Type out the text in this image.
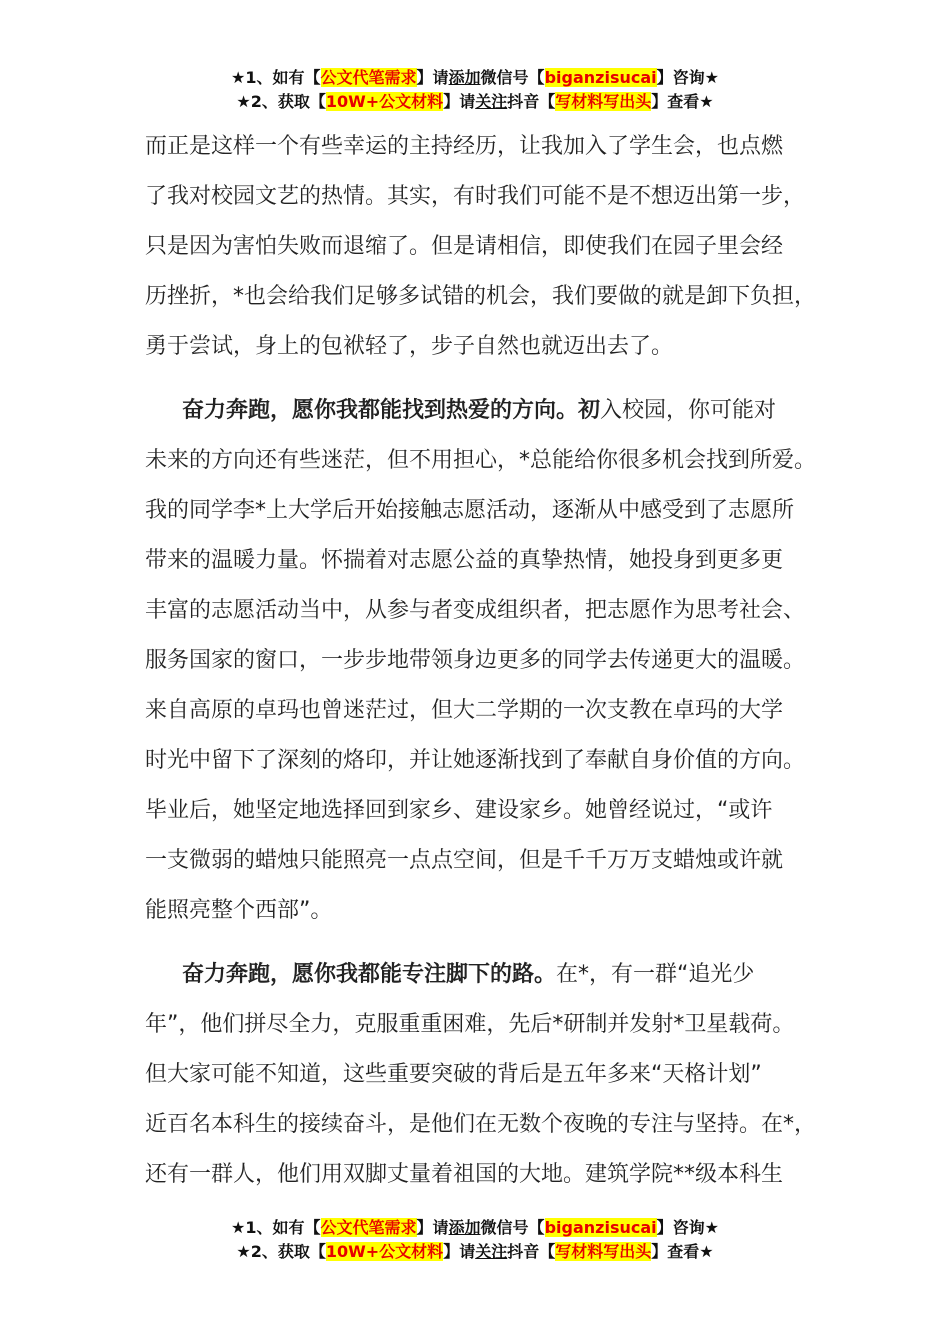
★1、如有【公文代笔需求】请添加微信号【biganzisucai】咨询★
★2、获取【10W+公文材料】请关注抖音【写材料写出头】查看★

而正是这样一个有些幸运的主持经历，让我加入了学生会，也点燃
了我对校园文艺的热情。其实，有时我们可能不是不想迈出第一步，
只是因为害怕失败而退缩了。但是请相信，即使我们在园子里会经
历挫折，*也会给我们足够多试错的机会，我们要做的就是卸下负担，
勇于尝试，身上的包袱轻了，步子自然也就迈出去了。

奋力奔跑，愿你我都能找到热爱的方向。初入校园，你可能对
未来的方向还有些迷茫，但不用担心，*总能给你很多机会找到所爱。
我的同学李*上大学后开始接触志愿活动，逐渐从中感受到了志愿所
带来的温暖力量。怀揣着对志愿公益的真挚热情，她投身到更多更
丰富的志愿活动当中，从参与者变成组织者，把志愿作为思考社会、
服务国家的窗口，一步步地带领身边更多的同学去传递更大的温暖。
来自高原的卓玛也曾迷茫过，但大二学期的一次支教在卓玛的大学
时光中留下了深刻的烙印，并让她逐渐找到了奉献自身价值的方向。
毕业后，她坚定地选择回到家乡、建设家乡。她曾经说过，“或许
一支微弱的蜡烛只能照亮一点点空间，但是千千万万支蜡烛或许就
能照亮整个西部”。

奋力奔跑，愿你我都能专注脚下的路。在*，有一群“追光少
年”，他们拼尽全力，克服重重困难，先后*研制并发射*卫星载荷。
但大家可能不知道，这些重要突破的背后是五年多来“天格计划”
近百名本科生的接续奋斗，是他们在无数个夜晚的专注与坚持。在*，
还有一群人，他们用双脚丈量着祖国的大地。建筑学院**级本科生

★1、如有【公文代笔需求】请添加微信号【biganzisucai】咨询★
★2、获取【10W+公文材料】请关注抖音【写材料写出头】查看★
